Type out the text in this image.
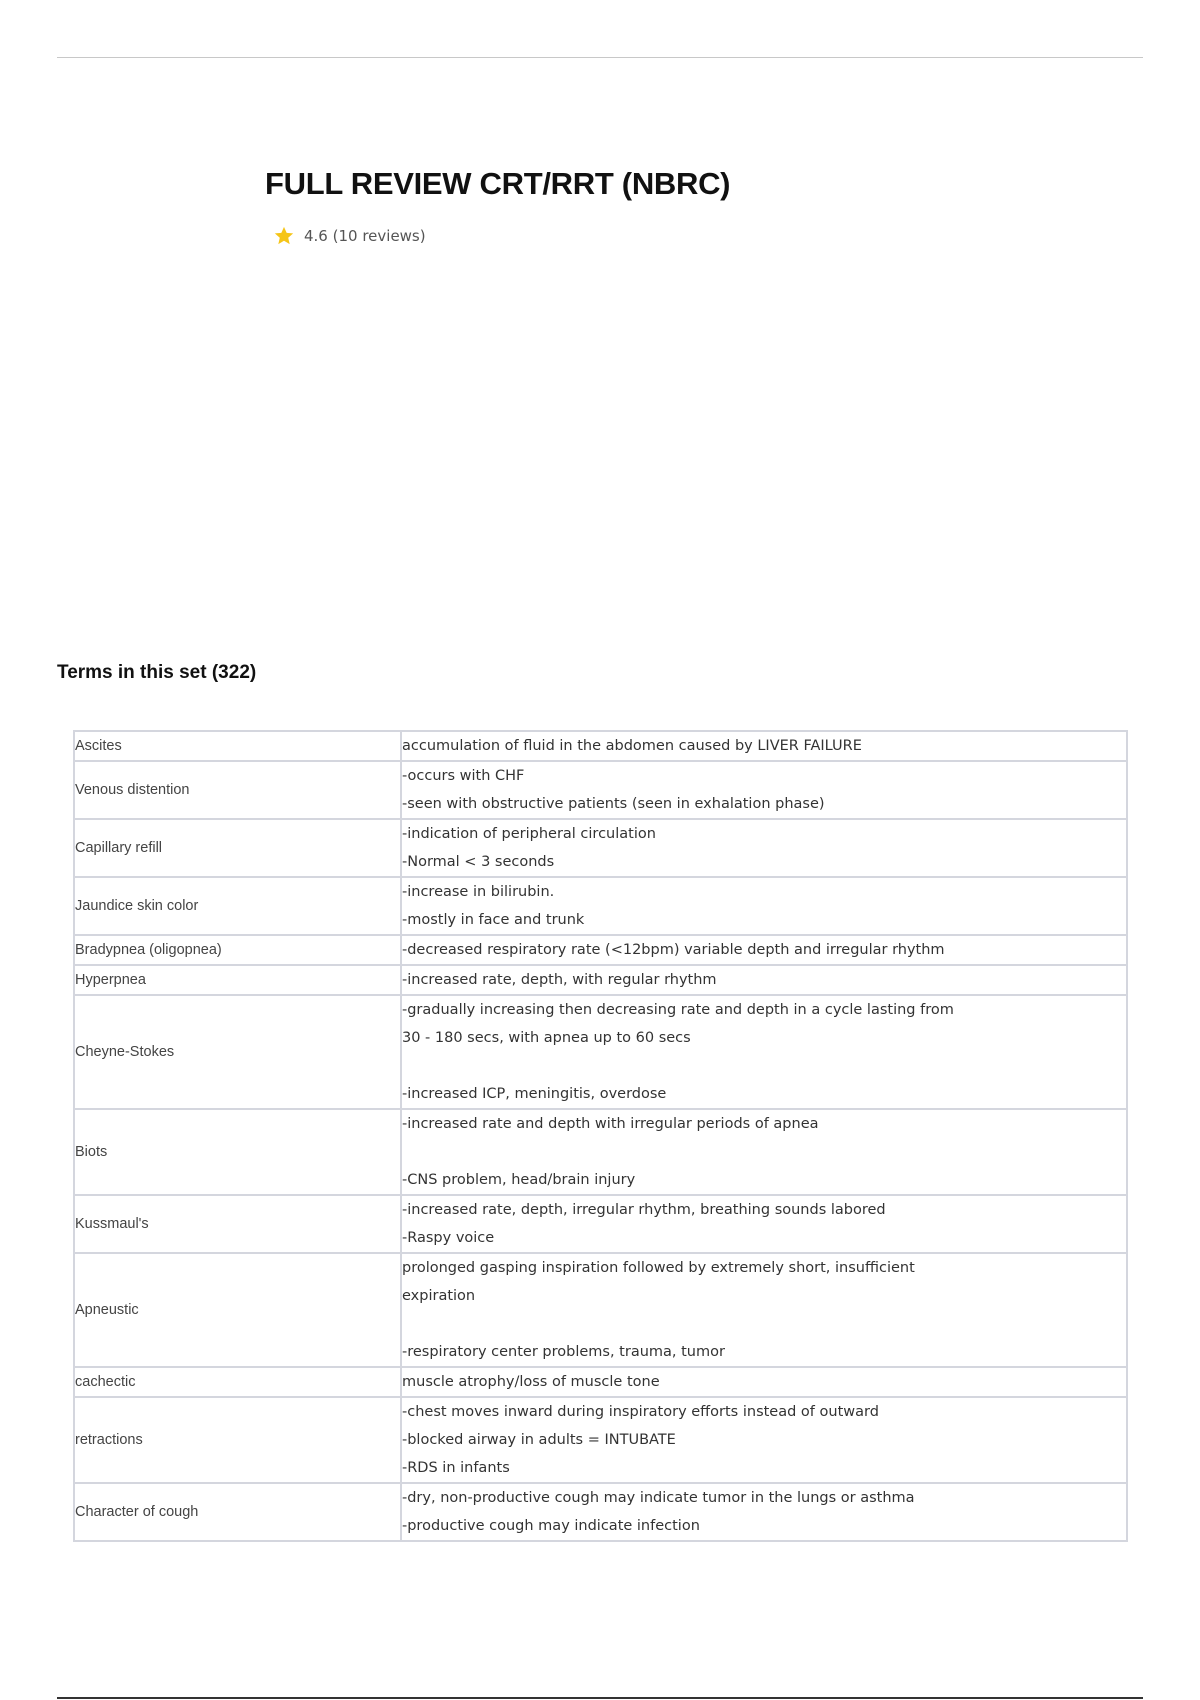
FULL REVIEW CRT/RRT (NBRC)
4.6 (10 reviews)
Terms in this set (322)
Ascites	accumulation of fluid in the abdomen caused by LIVER FAILURE

Venous distention	-occurs with CHF
-seen with obstructive patients (seen in exhalation phase)

Capillary refill	-indication of peripheral circulation
-Normal < 3 seconds

Jaundice skin color	-increase in bilirubin.
-mostly in face and trunk

Bradypnea (oligopnea)	-decreased respiratory rate (<12bpm) variable depth and irregular rhythm

Hyperpnea	-increased rate, depth, with regular rhythm

Cheyne-Stokes	-gradually increasing then decreasing rate and depth in a cycle lasting from
30 - 180 secs, with apnea up to 60 secs
-increased ICP, meningitis, overdose

Biots	-increased rate and depth with irregular periods of apnea
-CNS problem, head/brain injury

Kussmaul's	-increased rate, depth, irregular rhythm, breathing sounds labored
-Raspy voice

Apneustic	prolonged gasping inspiration followed by extremely short, insufficient
expiration
-respiratory center problems, trauma, tumor

cachectic	muscle atrophy/loss of muscle tone

retractions	-chest moves inward during inspiratory efforts instead of outward
-blocked airway in adults = INTUBATE
-RDS in infants

Character of cough	-dry, non-productive cough may indicate tumor in the lungs or asthma
-productive cough may indicate infection
